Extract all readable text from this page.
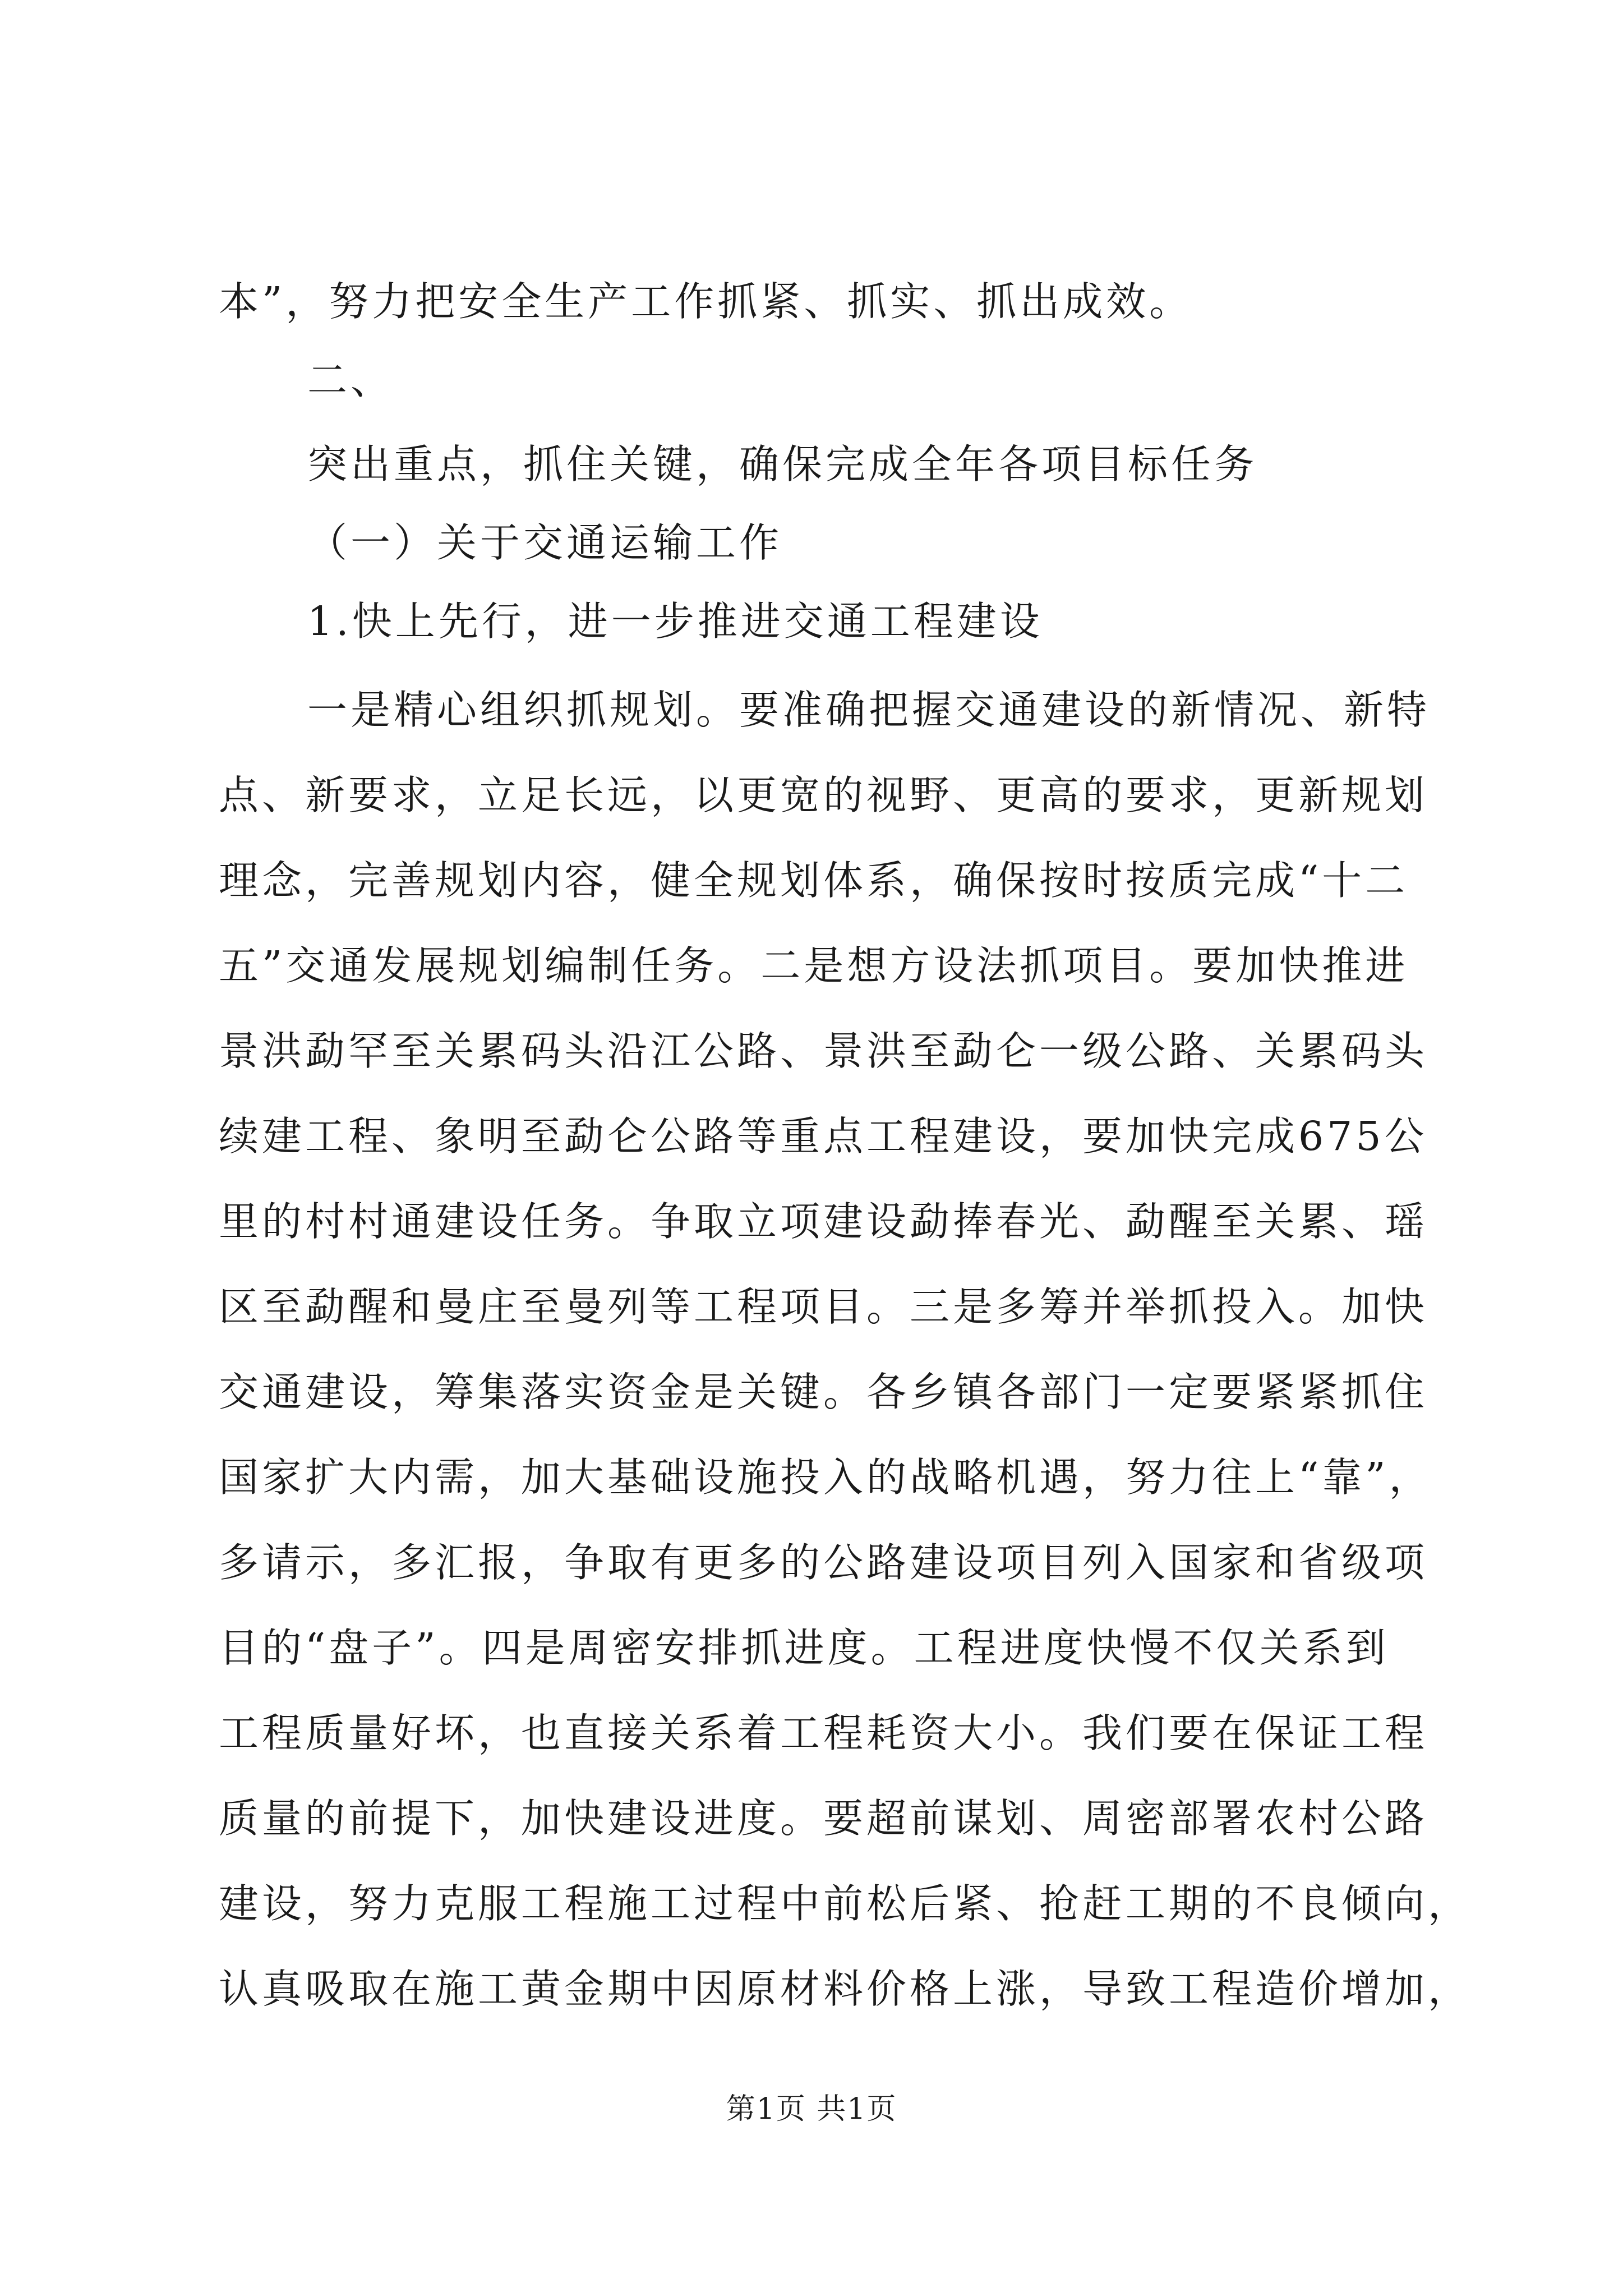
本”，努力把安全生产工作抓紧、抓实、抓出成效。
二、
突出重点，抓住关键，确保完成全年各项目标任务
（一）关于交通运输工作
1.快上先行，进一步推进交通工程建设
一是精心组织抓规划。要准确把握交通建设的新情况、新特
点、新要求，立足长远，以更宽的视野、更高的要求，更新规划
理念，完善规划内容，健全规划体系，确保按时按质完成“十二
五”交通发展规划编制任务。二是想方设法抓项目。要加快推进
景洪勐罕至关累码头沿江公路、景洪至勐仑一级公路、关累码头
续建工程、象明至勐仑公路等重点工程建设，要加快完成675公
里的村村通建设任务。争取立项建设勐捧春光、勐醒至关累、瑶
区至勐醒和曼庄至曼列等工程项目。三是多筹并举抓投入。加快
交通建设，筹集落实资金是关键。各乡镇各部门一定要紧紧抓住
国家扩大内需，加大基础设施投入的战略机遇，努力往上“靠”，
多请示，多汇报，争取有更多的公路建设项目列入国家和省级项
目的“盘子”。四是周密安排抓进度。工程进度快慢不仅关系到
工程质量好坏，也直接关系着工程耗资大小。我们要在保证工程
质量的前提下，加快建设进度。要超前谋划、周密部署农村公路
建设，努力克服工程施工过程中前松后紧、抢赶工期的不良倾向，
认真吸取在施工黄金期中因原材料价格上涨，导致工程造价增加，
第1页 共1页
